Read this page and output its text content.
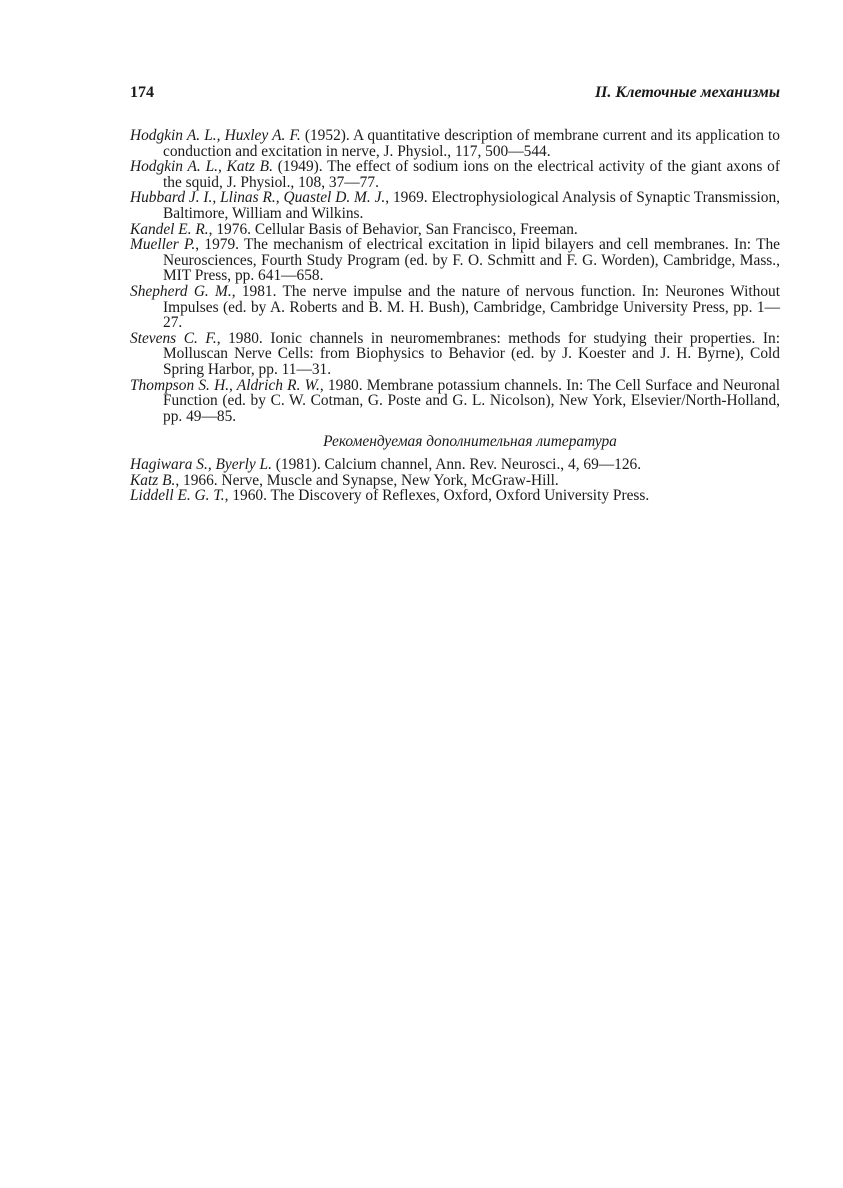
174	II. Клеточные механизмы

Hodgkin A. L., Huxley A. F. (1952). A quantitative description of membrane current and its application to conduction and excitation in nerve, J. Physiol., 117, 500—544.

Hodgkin A. L., Katz B. (1949). The effect of sodium ions on the electrical activity of the giant axons of the squid, J. Physiol., 108, 37—77.

Hubbard J. I., Llinas R., Quastel D. M. J., 1969. Electrophysiological Analysis of Synaptic Transmission, Baltimore, William and Wilkins.

Kandel E. R., 1976. Cellular Basis of Behavior, San Francisco, Freeman.

Mueller P., 1979. The mechanism of electrical excitation in lipid bilayers and cell membranes. In: The Neurosciences, Fourth Study Program (ed. by F. O. Schmitt and F. G. Worden), Cambridge, Mass., MIT Press, pp. 641—658.

Shepherd G. M., 1981. The nerve impulse and the nature of nervous function. In: Neurones Without Impulses (ed. by A. Roberts and B. M. H. Bush), Cambridge, Cambridge University Press, pp. 1—27.

Stevens C. F., 1980. Ionic channels in neuromembranes: methods for studying their properties. In: Molluscan Nerve Cells: from Biophysics to Behavior (ed. by J. Koester and J. H. Byrne), Cold Spring Harbor, pp. 11—31.

Thompson S. H., Aldrich R. W., 1980. Membrane potassium channels. In: The Cell Surface and Neuronal Function (ed. by C. W. Cotman, G. Poste and G. L. Nicolson), New York, Elsevier/North-Holland, pp. 49—85.

Рекомендуемая дополнительная литература

Hagiwara S., Byerly L. (1981). Calcium channel, Ann. Rev. Neurosci., 4, 69—126.

Katz B., 1966. Nerve, Muscle and Synapse, New York, McGraw-Hill.

Liddell E. G. T., 1960. The Discovery of Reflexes, Oxford, Oxford University Press.
